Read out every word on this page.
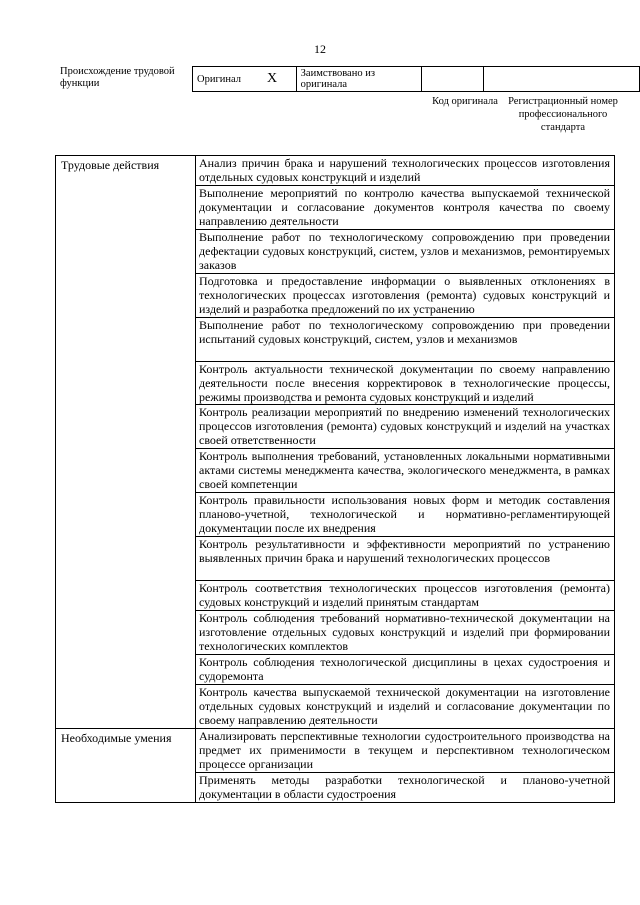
12
Происхождение трудовой функции	Оригинал Х	Заимствовано из оригинала		
Код оригинала Регистрационный номер профессионального стандарта
Трудовые действия	Анализ причин брака и нарушений технологических процессов изготовления отдельных судовых конструкций и изделий
	Выполнение мероприятий по контролю качества выпускаемой технической документации и согласование документов контроля качества по своему направлению деятельности
	Выполнение работ по технологическому сопровождению при проведении дефектации судовых конструкций, систем, узлов и механизмов, ремонтируемых заказов
	Подготовка и предоставление информации о выявленных отклонениях в технологических процессах изготовления (ремонта) судовых конструкций и изделий и разработка предложений по их устранению
	Выполнение работ по технологическому сопровождению при проведении испытаний судовых конструкций, систем, узлов и механизмов
	Контроль актуальности технической документации по своему направлению деятельности после внесения корректировок в технологические процессы, режимы производства и ремонта судовых конструкций и изделий
	Контроль реализации мероприятий по внедрению изменений технологических процессов изготовления (ремонта) судовых конструкций и изделий на участках своей ответственности
	Контроль выполнения требований, установленных локальными нормативными актами системы менеджмента качества, экологического менеджмента, в рамках своей компетенции
	Контроль правильности использования новых форм и методик составления планово-учетной, технологической и нормативно-регламентирующей документации после их внедрения
	Контроль результативности и эффективности мероприятий по устранению выявленных причин брака и нарушений технологических процессов
	Контроль соответствия технологических процессов изготовления (ремонта) судовых конструкций и изделий принятым стандартам
	Контроль соблюдения требований нормативно-технической документации на изготовление отдельных судовых конструкций и изделий при формировании технологических комплектов
	Контроль соблюдения технологической дисциплины в цехах судостроения и судоремонта
	Контроль качества выпускаемой технической документации на изготовление отдельных судовых конструкций и изделий и согласование документации по своему направлению деятельности
Необходимые умения	Анализировать перспективные технологии судостроительного производства на предмет их применимости в текущем и перспективном технологическом процессе организации
	Применять методы разработки технологической и планово-учетной документации в области судостроения
